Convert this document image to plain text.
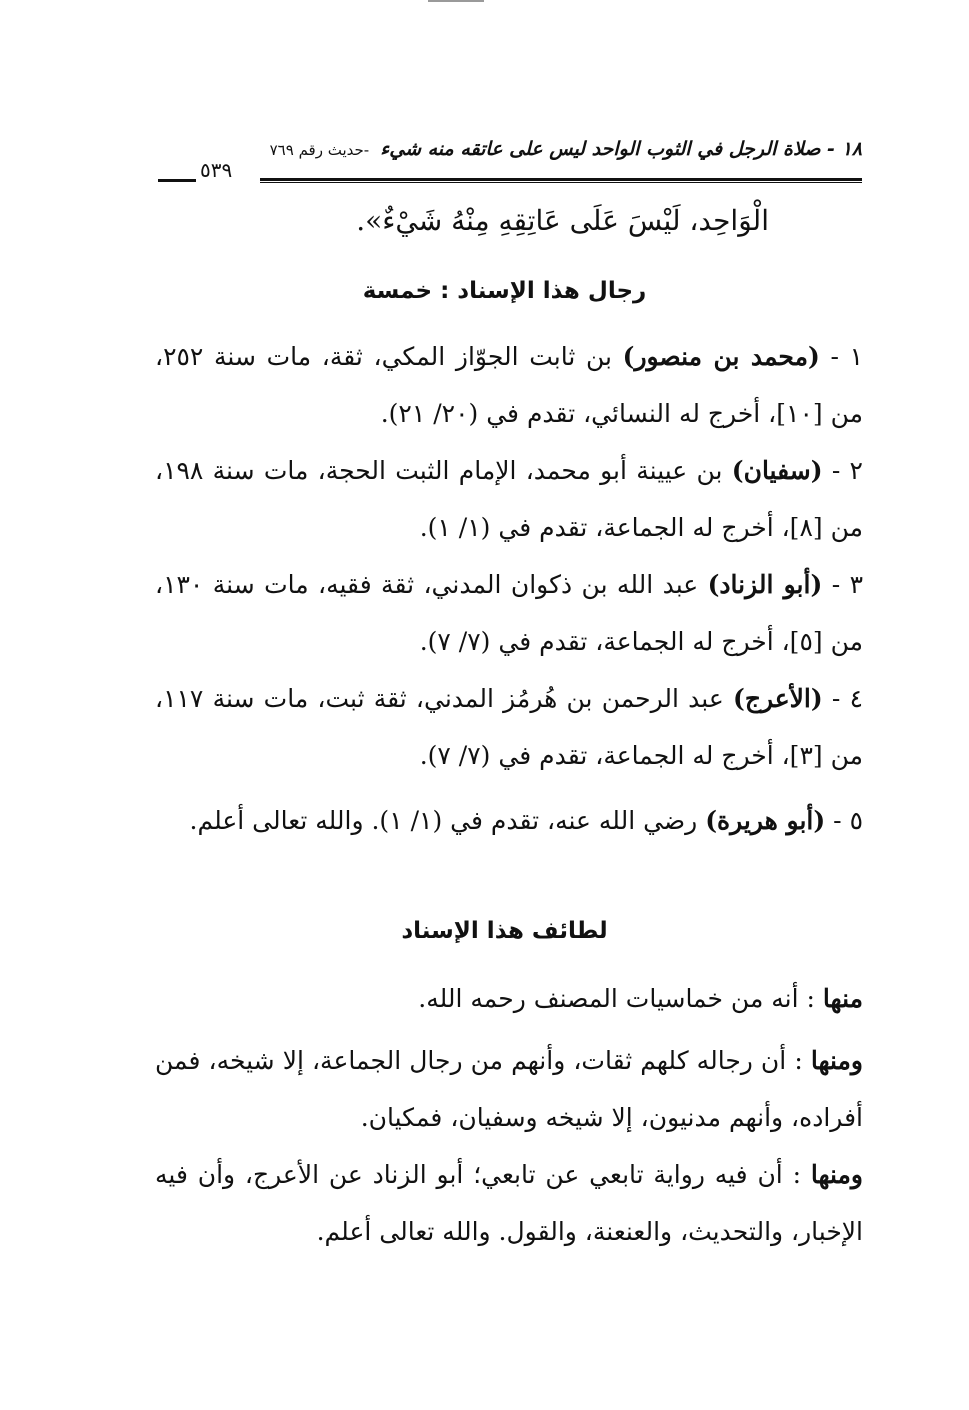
١٨ - صلاة الرجل في الثوب الواحد ليس على عاتقه منه شيء -حديث رقم ٧٦٩
٥٣٩
الْوَاحِد، لَيْسَ عَلَى عَاتِقِهِ مِنْهُ شَيْءٌ».
رجال هذا الإسناد : خمسة
١ - (محمد بن منصور) بن ثابت الجوّاز المكي، ثقة، مات سنة ٢٥٢، من [١٠]، أخرج له النسائي، تقدم في (٢٠/ ٢١).
٢ - (سفيان) بن عيينة أبو محمد، الإمام الثبت الحجة، مات سنة ١٩٨، من [٨]، أخرج له الجماعة، تقدم في (١/ ١).
٣ - (أبو الزناد) عبد الله بن ذكوان المدني، ثقة فقيه، مات سنة ١٣٠، من [٥]، أخرج له الجماعة، تقدم في (٧/ ٧).
٤ - (الأعرج) عبد الرحمن بن هُرمُز المدني، ثقة ثبت، مات سنة ١١٧، من [٣]، أخرج له الجماعة، تقدم في (٧/ ٧).
٥ - (أبو هريرة) رضي الله عنه، تقدم في (١/ ١). والله تعالى أعلم.
لطائف هذا الإسناد
منها : أنه من خماسيات المصنف رحمه الله.
ومنها : أن رجاله كلهم ثقات، وأنهم من رجال الجماعة، إلا شيخه، فمن أفراده، وأنهم مدنيون، إلا شيخه وسفيان، فمكيان.
ومنها : أن فيه رواية تابعي عن تابعي؛ أبو الزناد عن الأعرج، وأن فيه الإخبار، والتحديث، والعنعنة، والقول. والله تعالى أعلم.
